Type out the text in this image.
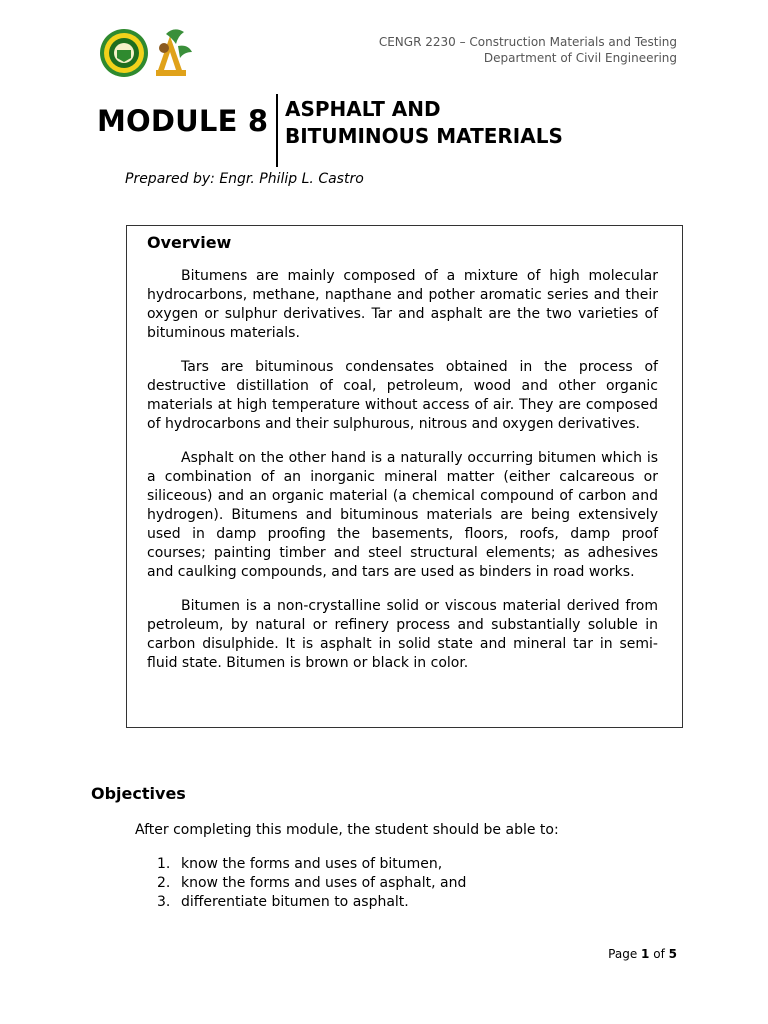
CENGR 2230 – Construction Materials and Testing
Department of Civil Engineering
MODULE 8 ASPHALT AND
BITUMINOUS MATERIALS
Prepared by: Engr. Philip L. Castro
Overview

Bitumens are mainly composed of a mixture of high molecular hydrocarbons, methane, napthane and pother aromatic series and their oxygen or sulphur derivatives. Tar and asphalt are the two varieties of bituminous materials.

Tars are bituminous condensates obtained in the process of destructive distillation of coal, petroleum, wood and other organic materials at high temperature without access of air. They are composed of hydrocarbons and their sulphurous, nitrous and oxygen derivatives.

Asphalt on the other hand is a naturally occurring bitumen which is a combination of an inorganic mineral matter (either calcareous or siliceous) and an organic material (a chemical compound of carbon and hydrogen). Bitumens and bituminous materials are being extensively used in damp proofing the basements, floors, roofs, damp proof courses; painting timber and steel structural elements; as adhesives and caulking compounds, and tars are used as binders in road works.

Bitumen is a non-crystalline solid or viscous material derived from petroleum, by natural or refinery process and substantially soluble in carbon disulphide. It is asphalt in solid state and mineral tar in semi-fluid state. Bitumen is brown or black in color.

Objectives
After completing this module, the student should be able to:
1. know the forms and uses of bitumen,
2. know the forms and uses of asphalt, and
3. differentiate bitumen to asphalt.
Page 1 of 5
